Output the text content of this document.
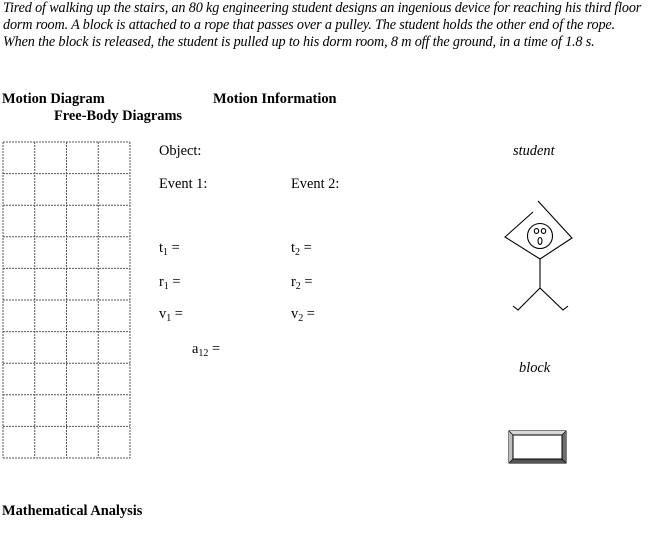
Tired of walking up the stairs, an 80 kg engineering student designs an ingenious device for reaching his third floor dorm room. A block is attached to a rope that passes over a pulley. The student holds the other end of the rope. When the block is released, the student is pulled up to his dorm room, 8 m off the ground, in a time of 1.8 s.
Motion Diagram	Motion Information
Free-Body Diagrams
Mathematical Analysis
Object:
Event 1:	Event 2:
$t_1$ =
$r_1$ =
$v_1$ =
$t_2$ =
$r_2$ =
$v_2$ =
$a_{12}$ =
student
block
